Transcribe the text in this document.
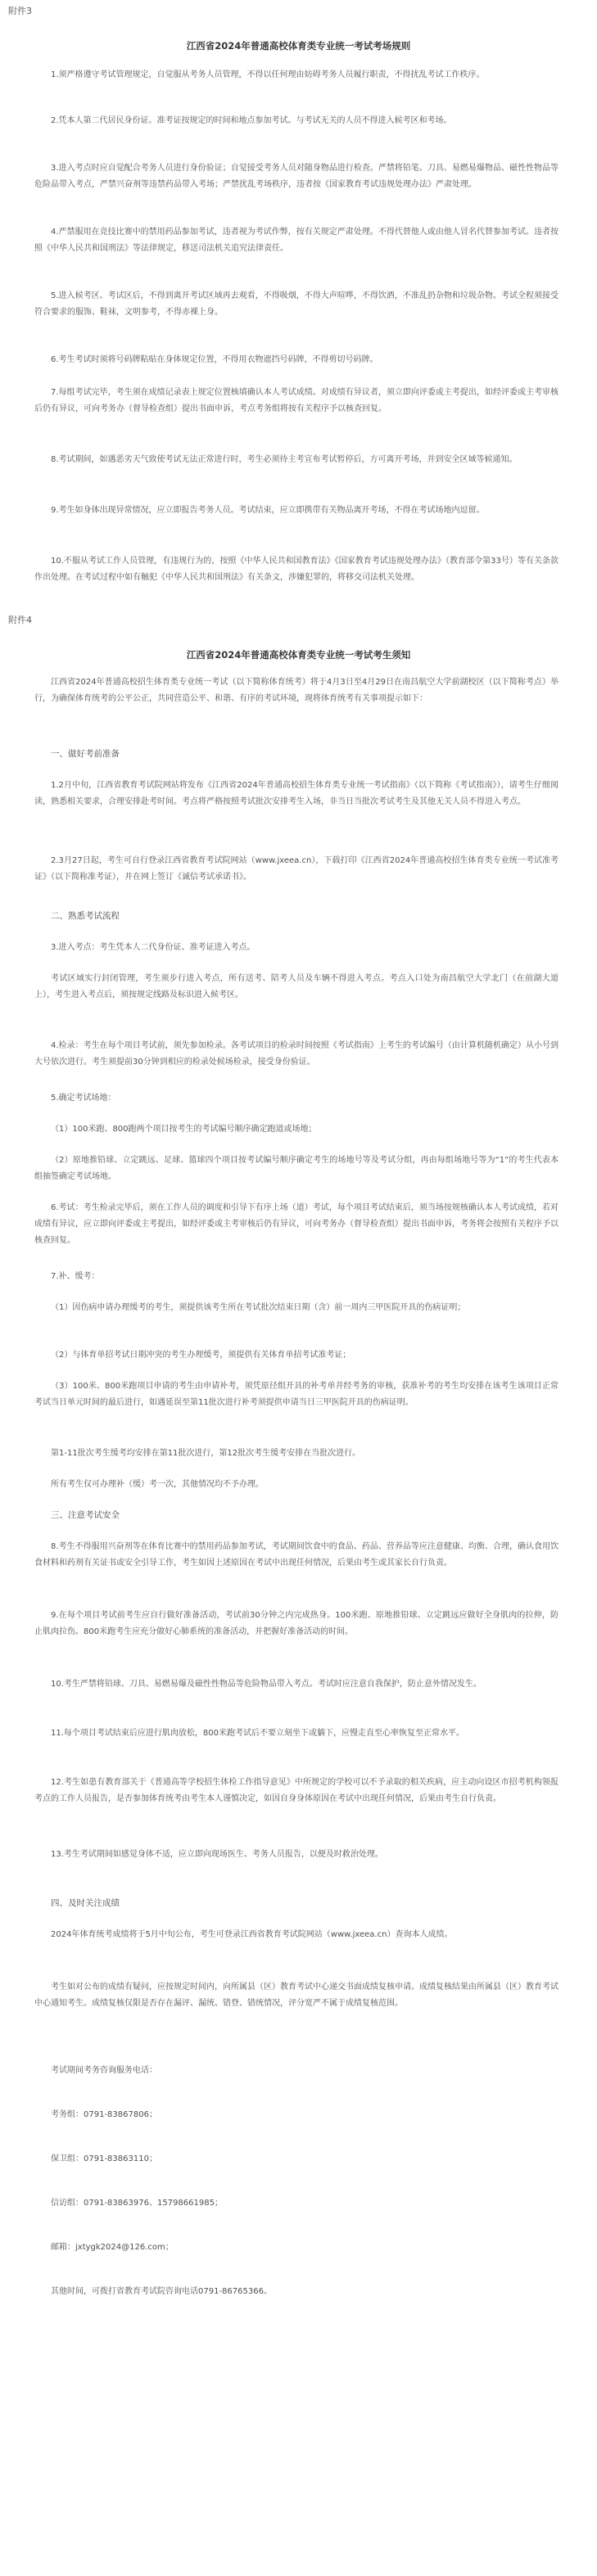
附件3
江西省2024年普通高校体育类专业统一考试考场规则
1.须严格遵守考试管理规定，自觉服从考务人员管理，不得以任何理由妨碍考务人员履行职责，不得扰乱考试工作秩序。
2.凭本人第二代居民身份证、准考证按规定的时间和地点参加考试。与考试无关的人员不得进入候考区和考场。
3.进入考点时应自觉配合考务人员进行身份验证；自觉接受考务人员对随身物品进行检查。严禁将铅笔、刀具、易燃易爆物品、磁性性物品等危险品带入考点，严禁兴奋剂等违禁药品带入考场；严禁扰乱考场秩序，违者按《国家教育考试违规处理办法》严肃处理。
4.严禁服用在竞技比赛中的禁用药品参加考试，违者视为考试作弊，按有关规定严肃处理。不得代替他人或由他人冒名代替参加考试。违者按照《中华人民共和国刑法》等法律规定，移送司法机关追究法律责任。
5.进入候考区、考试区后，不得到离开考试区域再去观看，不得吸烟，不得大声喧哗，不得饮酒，不准乱扔杂物和垃圾杂物。考试全程须接受符合要求的服饰、鞋袜，文明参考，不得赤裸上身。
6.考生考试时须将号码牌粘贴在身体规定位置，不得用衣物遮挡号码牌，不得剪切号码牌。
7.每组考试完毕，考生须在成绩记录表上规定位置核填确认本人考试成绩。对成绩有异议者，须立即向评委或主考提出，如经评委或主考审核后仍有异议，可向考务办（督导检查组）提出书面申诉，考点考务组将按有关程序予以核查回复。
8.考试期间，如遇恶劣天气致使考试无法正常进行时，考生必须待主考宣布考试暂停后，方可离开考场，并到安全区域等候通知。
9.考生如身体出现异常情况，应立即报告考务人员。考试结束，应立即携带有关物品离开考场，不得在考试场地内逗留。
10.不服从考试工作人员管理，有违规行为的，按照《中华人民共和国教育法》《国家教育考试违规处理办法》（教育部令第33号）等有关条款作出处理。在考试过程中如有触犯《中华人民共和国刑法》有关条文，涉嫌犯罪的，将移交司法机关处理。
附件4
江西省2024年普通高校体育类专业统一考试考生须知
江西省2024年普通高校招生体育类专业统一考试（以下简称体育统考）将于4月3日至4月29日在南昌航空大学前湖校区（以下简称考点）举行，为确保体育统考的公平公正，共同营造公平、和谐、有序的考试环境，现将体育统考有关事项提示如下：
一、做好考前准备
1.2月中旬，江西省教育考试院网站将发布《江西省2024年普通高校招生体育类专业统一考试指南》（以下简称《考试指南》），请考生仔细阅读，熟悉相关要求，合理安排赴考时间。考点将严格按照考试批次安排考生入场，非当日当批次考试考生及其他无关人员不得进入考点。
2.3月27日起，考生可自行登录江西省教育考试院网站（www.jxeea.cn），下载打印《江西省2024年普通高校招生体育类专业统一考试准考证》（以下简称准考证），并在网上签订《诚信考试承诺书》。
二、熟悉考试流程
3.进入考点：考生凭本人二代身份证、准考证进入考点。
考试区域实行封闭管理，考生须步行进入考点，所有送考、陪考人员及车辆不得进入考点。考点入口处为南昌航空大学北门（在前湖大道上），考生进入考点后，须按规定线路及标识进入候考区。
4.检录：考生在每个项目考试前，须先参加检录。各考试项目的检录时间按照《考试指南》上考生的考试编号（由计算机随机确定）从小号到大号依次进行。考生须提前30分钟到相应的检录处候场检录，接受身份验证。
5.确定考试场地：
（1）100米跑、800跑两个项目按考生的考试编号顺序确定跑道或场地；
（2）原地推铅球、立定跳远、足球、篮球四个项目按考试编号顺序确定考生的场地号等及考试分组，再由每组场地号等为“1”的考生代表本组抽签确定考试场地。
6.考试：考生检录完毕后，须在工作人员的调度和引导下有序上场（道）考试，每个项目考试结束后，须当场按规核确认本人考试成绩，若对成绩有异议，应立即向评委或主考提出，如经评委或主考审核后仍有异议，可向考务办（督导检查组）提出书面申诉，考务将会按照有关程序予以核查回复。
7.补、缓考：
（1）因伤病申请办理缓考的考生，须提供该考生所在考试批次结束日期（含）前一周内三甲医院开具的伤病证明；
（2）与体育单招考试日期冲突的考生办理缓考，须提供有关体育单招考试准考证；
（3）100米、800米跑项目申请的考生由申请补考，须凭原径组开具的补考单并经考务的审核，获准补考的考生均安排在该考生该项目正常考试当日单元时间的最后进行，如遇延误至第11批次进行补考须提供申请当日三甲医院开具的伤病证明。
第1-11批次考生缓考均安排在第11批次进行，第12批次考生缓考安排在当批次进行。
所有考生仅可办理补（缓）考一次，其他情况均不予办理。
三、注意考试安全
8.考生不得服用兴奋剂等在体育比赛中的禁用药品参加考试，考试期间饮食中的食品、药品、营养品等应注意健康、均衡、合理，确认食用饮食材料和药剂有关证书或安全引导工作，考生如因上述原因在考试中出现任何情况，后果由考生或其家长自行负责。
9.在每个项目考试前考生应自行做好准备活动，考试前30分钟之内完成热身。100米跑、原地推铅球、立定跳远应做好全身肌肉的拉伸，防止肌肉拉伤。800米跑考生应充分做好心肺系统的准备活动，并把握好准备活动的时间。
10.考生严禁将铅球、刀具、易燃易爆及磁性性物品等危险物品带入考点。考试时应注意自我保护，防止意外情况发生。
11.每个项目考试结束后应进行肌肉放松，800米跑考试后不要立刻坐下或躺下，应慢走直至心率恢复至正常水平。
12.考生如患有教育部关于《普通高等学校招生体检工作指导意见》中所规定的学校可以不予录取的相关疾病，应主动向设区市招考机构领报考点的工作人员报告，是否参加体育统考由考生本人谨慎决定，如因自身身体原因在考试中出现任何情况，后果由考生自行负责。
13.考生考试期间如感觉身体不适，应立即向现场医生、考务人员报告，以便及时救治处理。
四、及时关注成绩
2024年体育统考成绩将于5月中旬公布，考生可登录江西省教育考试院网站（www.jxeea.cn）查询本人成绩。
考生如对公布的成绩有疑问，应按规定时间内，向所属县（区）教育考试中心递交书面成绩复核申请。成绩复核结果由所属县（区）教育考试中心通知考生。成绩复核仅限是否存在漏评、漏统、错登、错统情况，评分宽严不属于成绩复核范围。
考试期间考务咨询服务电话：
考务组：0791-83867806；
保卫组：0791-83863110；
信访组：0791-83863976、15798661985；
邮箱：jxtygk2024@126.com；
其他时间，可拨打省教育考试院咨询电话0791-86765366。
